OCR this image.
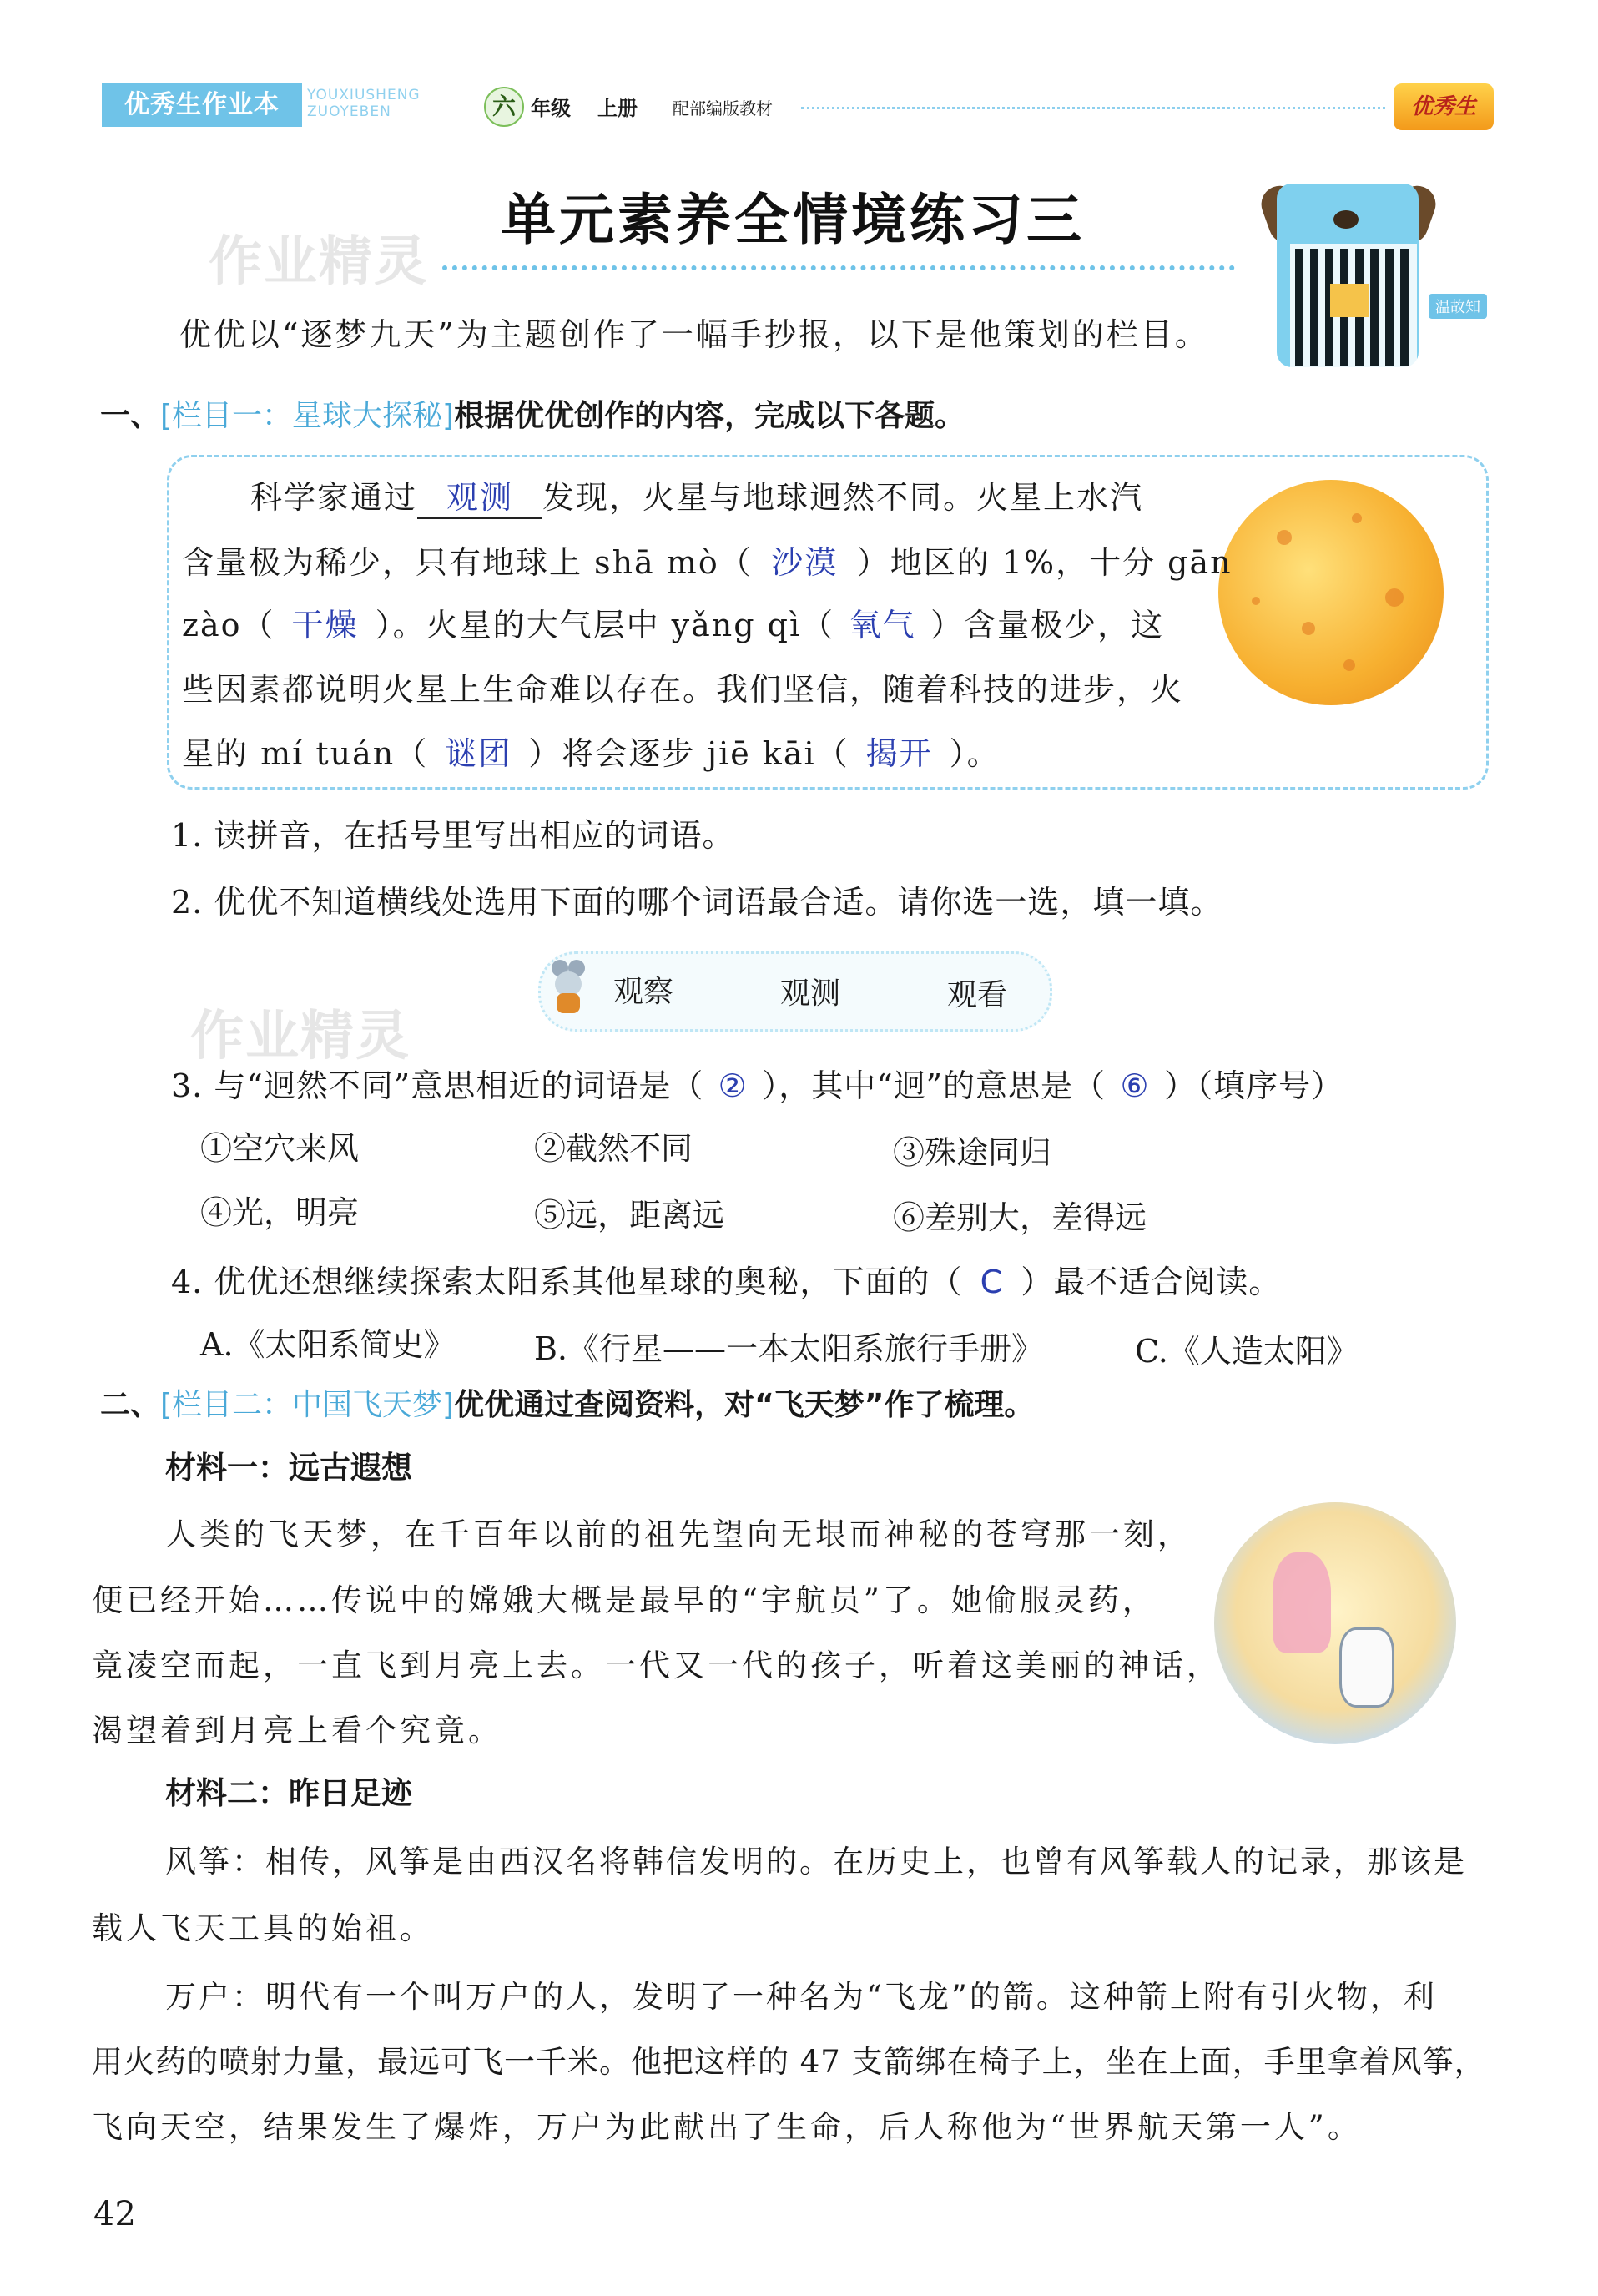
优秀生作业本	YOUXIUSHENG
ZUOYEBEN	六 年级 上册 配部编版教材	优秀生
作业精灵
单元素养全情境练习三
温故知
优优以“逐梦九天”为主题创作了一幅手抄报，以下是他策划的栏目。
一、[栏目一：星球大探秘]根据优优创作的内容，完成以下各题。
科学家通过 观测 发现，火星与地球迥然不同。火星上水汽
含量极为稀少，只有地球上 shā mò（ 沙漠 ）地区的 1%，十分 gān
zào（ 干燥 ）。火星的大气层中 yǎng qì（ 氧气 ）含量极少，这
些因素都说明火星上生命难以存在。我们坚信，随着科技的进步，火
星的 mí tuán（ 谜团 ）将会逐步 jiē kāi（ 揭开 ）。
1. 读拼音，在括号里写出相应的词语。
2. 优优不知道横线处选用下面的哪个词语最合适。请你选一选，填一填。
观察	观测	观看
作业精灵
3. 与“迥然不同”意思相近的词语是（ ② ），其中“迥”的意思是（ ⑥ ）（填序号）
①空穴来风	②截然不同	③殊途同归
④光，明亮	⑤远，距离远	⑥差别大，差得远
4. 优优还想继续探索太阳系其他星球的奥秘，下面的（ C ）最不适合阅读。
A.《太阳系简史》 B.《行星——一本太阳系旅行手册》	C.《人造太阳》
二、[栏目二：中国飞天梦]优优通过查阅资料，对“飞天梦”作了梳理。
材料一：远古遐想
人类的飞天梦，在千百年以前的祖先望向无垠而神秘的苍穹那一刻，
便已经开始……传说中的嫦娥大概是最早的“宇航员”了。她偷服灵药，
竟凌空而起，一直飞到月亮上去。一代又一代的孩子，听着这美丽的神话，
渴望着到月亮上看个究竟。
材料二：昨日足迹
风筝：相传，风筝是由西汉名将韩信发明的。在历史上，也曾有风筝载人的记录，那该是
载人飞天工具的始祖。
万户：明代有一个叫万户的人，发明了一种名为“飞龙”的箭。这种箭上附有引火物，利
用火药的喷射力量，最远可飞一千米。他把这样的 47 支箭绑在椅子上，坐在上面，手里拿着风筝，
飞向天空，结果发生了爆炸，万户为此献出了生命，后人称他为“世界航天第一人”。
42
